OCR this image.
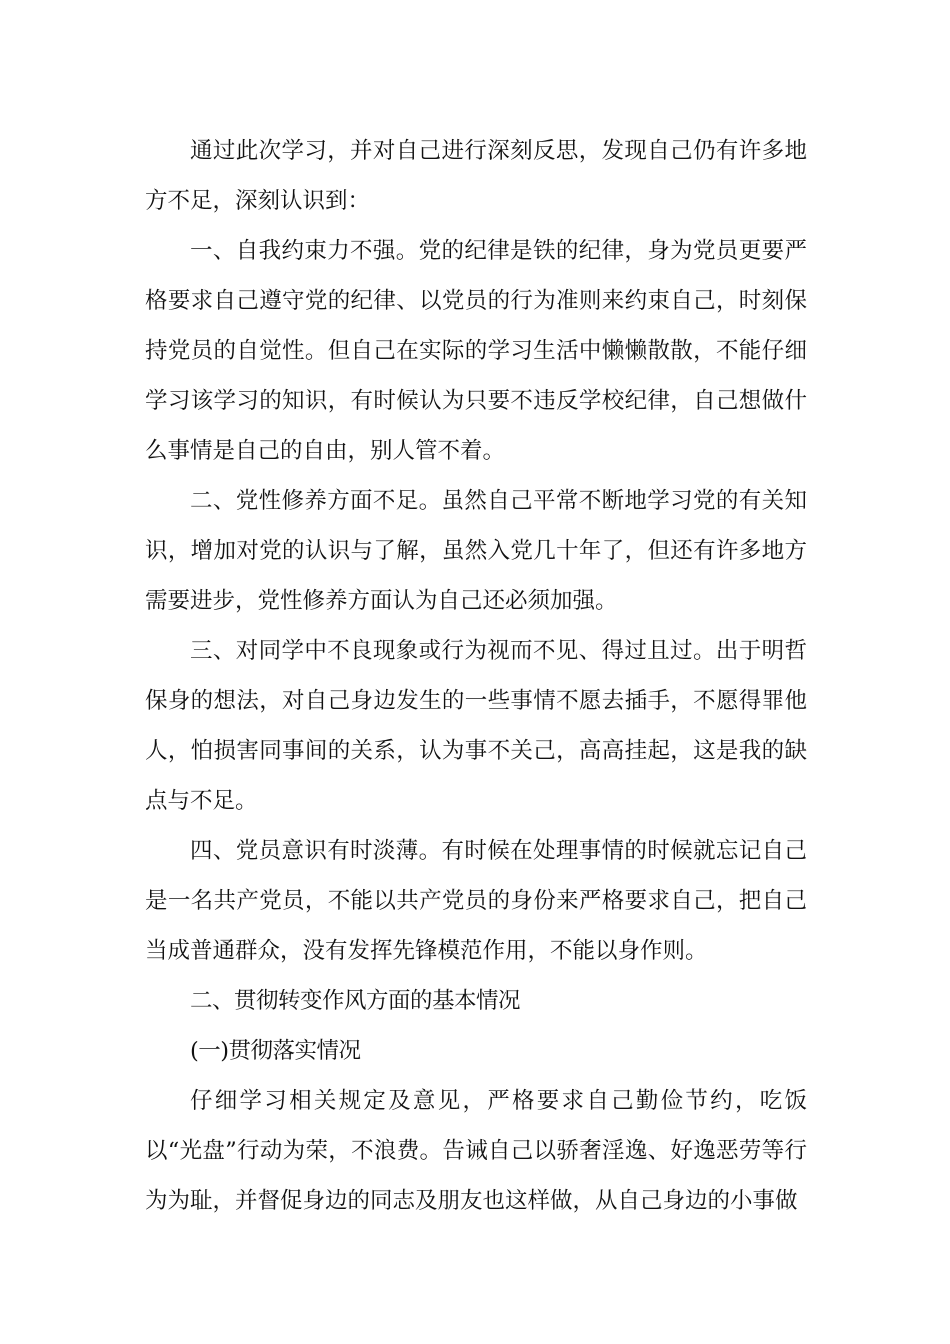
通过此次学习，并对自己进行深刻反思，发现自己仍有许多地方不足，深刻认识到：

一、自我约束力不强。党的纪律是铁的纪律，身为党员更要严格要求自己遵守党的纪律、以党员的行为准则来约束自己，时刻保持党员的自觉性。但自己在实际的学习生活中懒懒散散，不能仔细学习该学习的知识，有时候认为只要不违反学校纪律，自己想做什么事情是自己的自由，别人管不着。

二、党性修养方面不足。虽然自己平常不断地学习党的有关知识，增加对党的认识与了解，虽然入党几十年了，但还有许多地方需要进步，党性修养方面认为自己还必须加强。

三、对同学中不良现象或行为视而不见、得过且过。出于明哲保身的想法，对自己身边发生的一些事情不愿去插手，不愿得罪他人，怕损害同事间的关系，认为事不关己，高高挂起，这是我的缺点与不足。

四、党员意识有时淡薄。有时候在处理事情的时候就忘记自己是一名共产党员，不能以共产党员的身份来严格要求自己，把自己当成普通群众，没有发挥先锋模范作用，不能以身作则。

二、贯彻转变作风方面的基本情况

(一)贯彻落实情况

仔细学习相关规定及意见，严格要求自己勤俭节约，吃饭以“光盘”行动为荣，不浪费。告诫自己以骄奢淫逸、好逸恶劳等行为为耻，并督促身边的同志及朋友也这样做，从自己身边的小事做
